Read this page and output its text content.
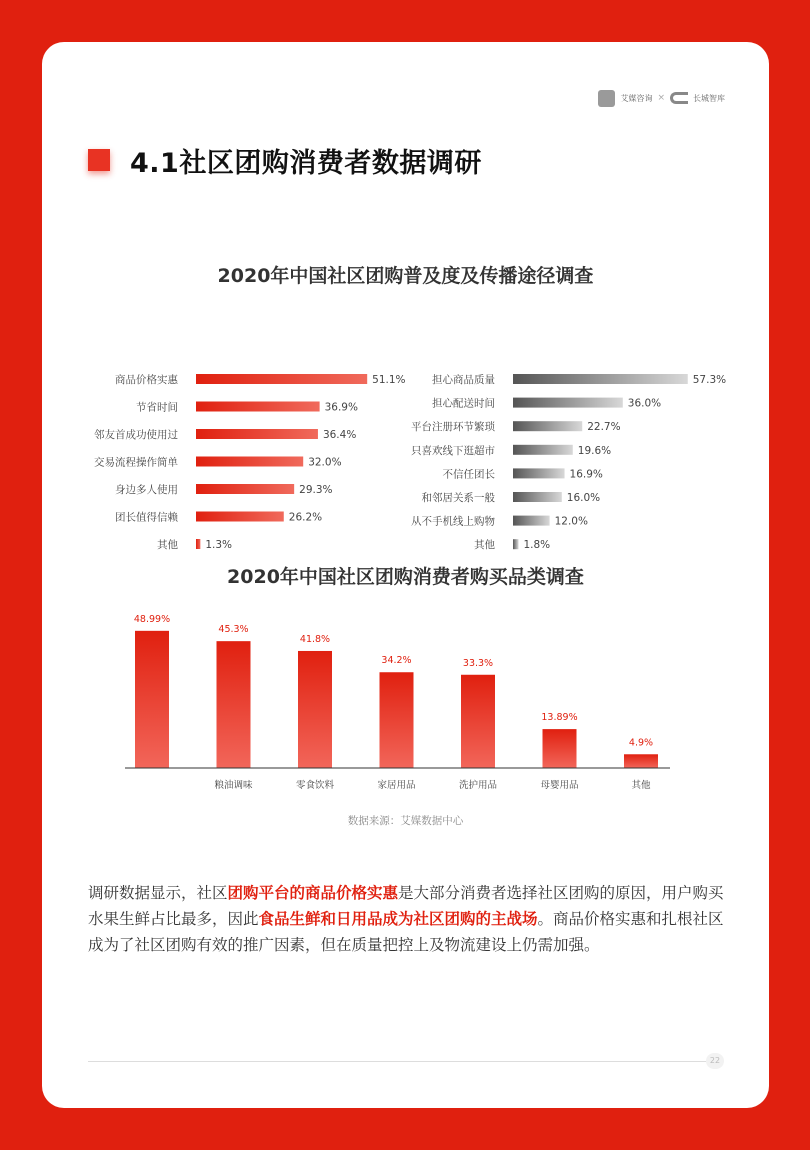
艾媒咨询 ×	长城智库
4.1社区团购消费者数据调研
2020年中国社区团购普及度及传播途径调查
商品价格实惠	51.1%
节省时间	36.9%
邻友首成功使用过	36.4%
交易流程操作简单	32.0%
身边多人使用	29.3%
团长值得信赖	26.2%
其他	1.3%
担心商品质量	57.3%
担心配送时间	36.0%
平台注册环节繁琐	22.7%
只喜欢线下逛超市	19.6%
不信任团长	16.9%
和邻居关系一般	16.0%
从不手机线上购物	12.0%
其他	1.8%
2020年中国社区团购消费者购买品类调查
48.99%
45.3%
粮油调味
41.8%
零食饮料
34.2%
家居用品
33.3%
洗护用品
13.89%
母婴用品
4.9%
其他
数据来源：艾媒数据中心
调研数据显示，社区团购平台的商品价格实惠是大部分消费者选择社区团购的原因，用户购买水果生鲜占比最多，因此食品生鲜和日用品成为社区团购的主战场。商品价格实惠和扎根社区成为了社区团购有效的推广因素，但在质量把控上及物流建设上仍需加强。
22
